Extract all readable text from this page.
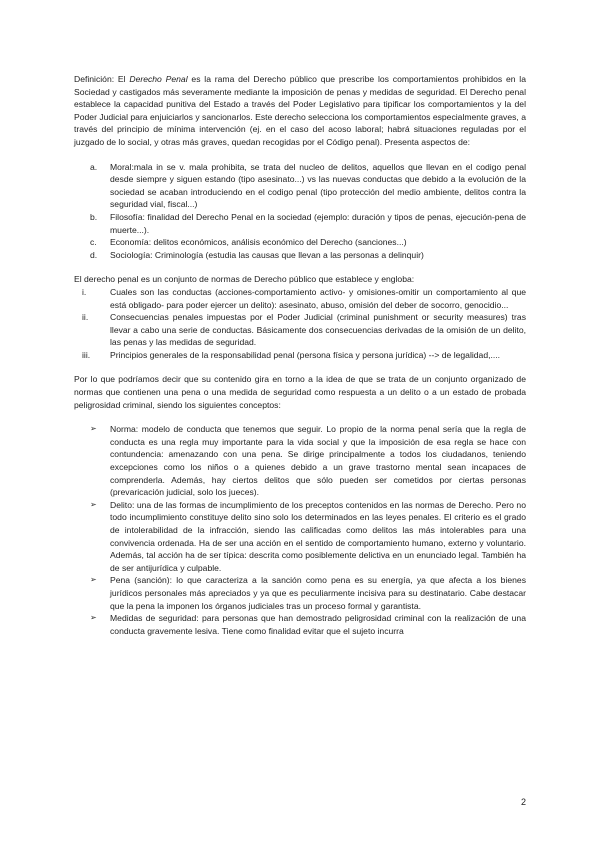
Definición: El Derecho Penal es la rama del Derecho público que prescribe los comportamientos prohibidos en la Sociedad y castigados más severamente mediante la imposición de penas y medidas de seguridad. El Derecho penal establece la capacidad punitiva del Estado a través del Poder Legislativo para tipificar los comportamientos y la del Poder Judicial para enjuiciarlos y sancionarlos. Este derecho selecciona los comportamientos especialmente graves, a través del principio de mínima intervención (ej. en el caso del acoso laboral; habrá situaciones reguladas por el juzgado de lo social, y otras más graves, quedan recogidas por el Código penal). Presenta aspectos de:

a. Moral:mala in se v. mala prohibita, se trata del nucleo de delitos, aquellos que llevan en el codigo penal desde siempre y siguen estando (tipo asesinato...) vs las nuevas conductas que debido a la evolución de la sociedad se acaban introduciendo en el codigo penal (tipo protección del medio ambiente, delitos contra la seguridad vial, fiscal...)
b. Filosofía: finalidad del Derecho Penal en la sociedad (ejemplo: duración y tipos de penas, ejecución-pena de muerte...).
c. Economía: delitos económicos, análisis económico del Derecho (sanciones...)
d. Sociología: Criminología (estudia las causas que llevan a las personas a delinquir)

El derecho penal es un conjunto de normas de Derecho público que establece y engloba:

i.	Cuales son las conductas (acciones-comportamiento activo- y omisiones-omitir un comportamiento al que está obligado- para poder ejercer un delito): asesinato, abuso, omisión del deber de socorro, genocidio...
ii.	Consecuencias penales impuestas por el Poder Judicial (criminal punishment or security measures) tras llevar a cabo una serie de conductas. Básicamente dos consecuencias derivadas de la omisión de un delito, las penas y las medidas de seguridad.
iii. Principios generales de la responsabilidad penal (persona física y persona jurídica) --> de legalidad,....

Por lo que podríamos decir que su contenido gira en torno a la idea de que se trata de un conjunto organizado de normas que contienen una pena o una medida de seguridad como respuesta a un delito o a un estado de probada peligrosidad criminal, siendo los siguientes conceptos:

➢ Norma: modelo de conducta que tenemos que seguir. Lo propio de la norma penal sería que la regla de conducta es una regla muy importante para la vida social y que la imposición de esa regla se hace con contundencia: amenazando con una pena. Se dirige principalmente a todos los ciudadanos, teniendo excepciones como los niños o a quienes debido a un grave trastorno mental sean incapaces de comprenderla. Además, hay ciertos delitos que sólo pueden ser cometidos por ciertas personas (prevaricación judicial, solo los jueces).
➢ Delito: una de las formas de incumplimiento de los preceptos contenidos en las normas de Derecho. Pero no todo incumplimiento constituye delito sino solo los determinados en las leyes penales. El criterio es el grado de intolerabilidad de la infracción, siendo las calificadas como delitos las más intolerables para una convivencia ordenada. Ha de ser una acción en el sentido de comportamiento humano, externo y voluntario. Además, tal acción ha de ser típica: descrita como posiblemente delictiva en un enunciado legal. También ha de ser antijurídica y culpable.
➢ Pena (sanción): lo que caracteriza a la sanción como pena es su energía, ya que afecta a los bienes jurídicos personales más apreciados y ya que es peculiarmente incisiva para su destinatario. Cabe destacar que la pena la imponen los órganos judiciales tras un proceso formal y garantista.
➢ Medidas de seguridad: para personas que han demostrado peligrosidad criminal con la realización de una conducta gravemente lesiva. Tiene como finalidad evitar que el sujeto incurra
2
